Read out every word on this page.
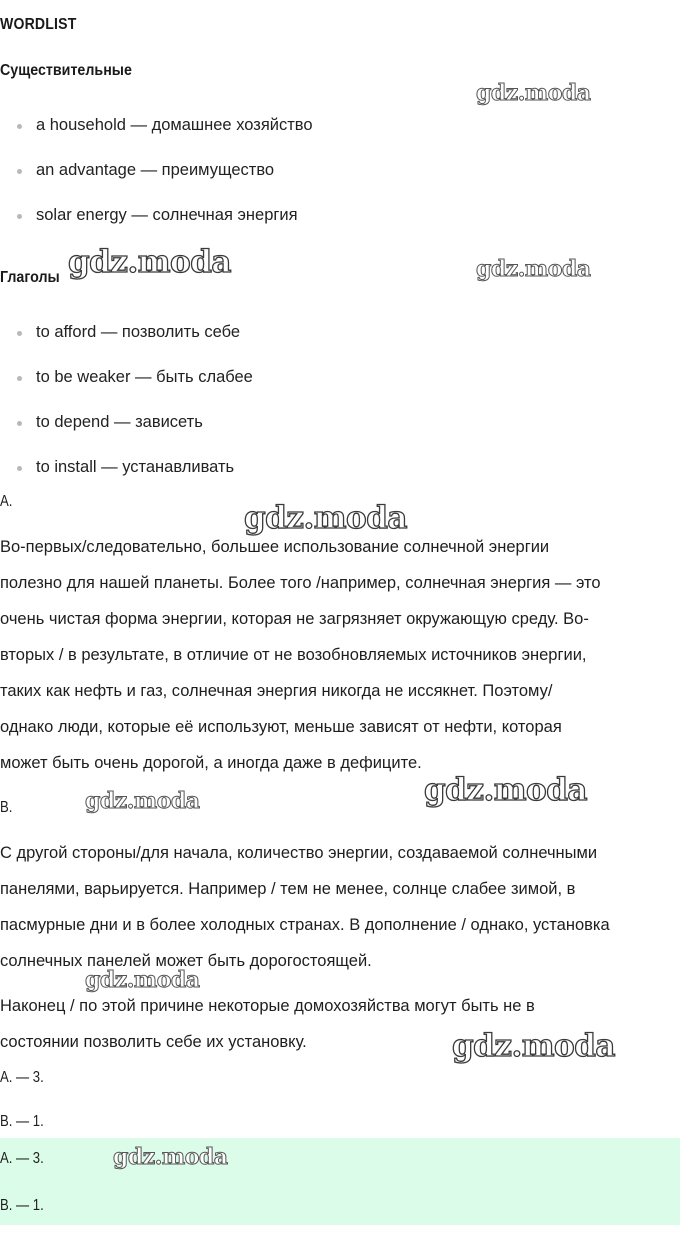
WORDLIST
Существительные
a household — домашнее хозяйство
an advantage — преимущество
solar energy — солнечная энергия
Глаголы
to afford — позволить себе
to be weaker — быть слабее
to depend — зависеть
to install — устанавливать
A.
Во-первых/следовательно, большее использование солнечной энергии
полезно для нашей планеты. Более того /например, солнечная энергия — это
очень чистая форма энергии, которая не загрязняет окружающую среду. Во-
вторых / в результате, в отличие от не возобновляемых источников энергии,
таких как нефть и газ, солнечная энергия никогда не иссякнет. Поэтому/
однако люди, которые её используют, меньше зависят от нефти, которая
может быть очень дорогой, а иногда даже в дефиците.
B.
С другой стороны/для начала, количество энергии, создаваемой солнечными
панелями, варьируется. Например / тем не менее, солнце слабее зимой, в
пасмурные дни и в более холодных странах. В дополнение / однако, установка
солнечных панелей может быть дорогостоящей.
Наконец / по этой причине некоторые домохозяйства могут быть не в
состоянии позволить себе их установку.
A. — 3.
B. — 1.
A. — 3.
B. — 1.
gdz.moda
gdz.moda	gdz.moda
gdz.moda
gdz.moda	gdz.moda
gdz.moda
gdz.moda
gdz.moda
